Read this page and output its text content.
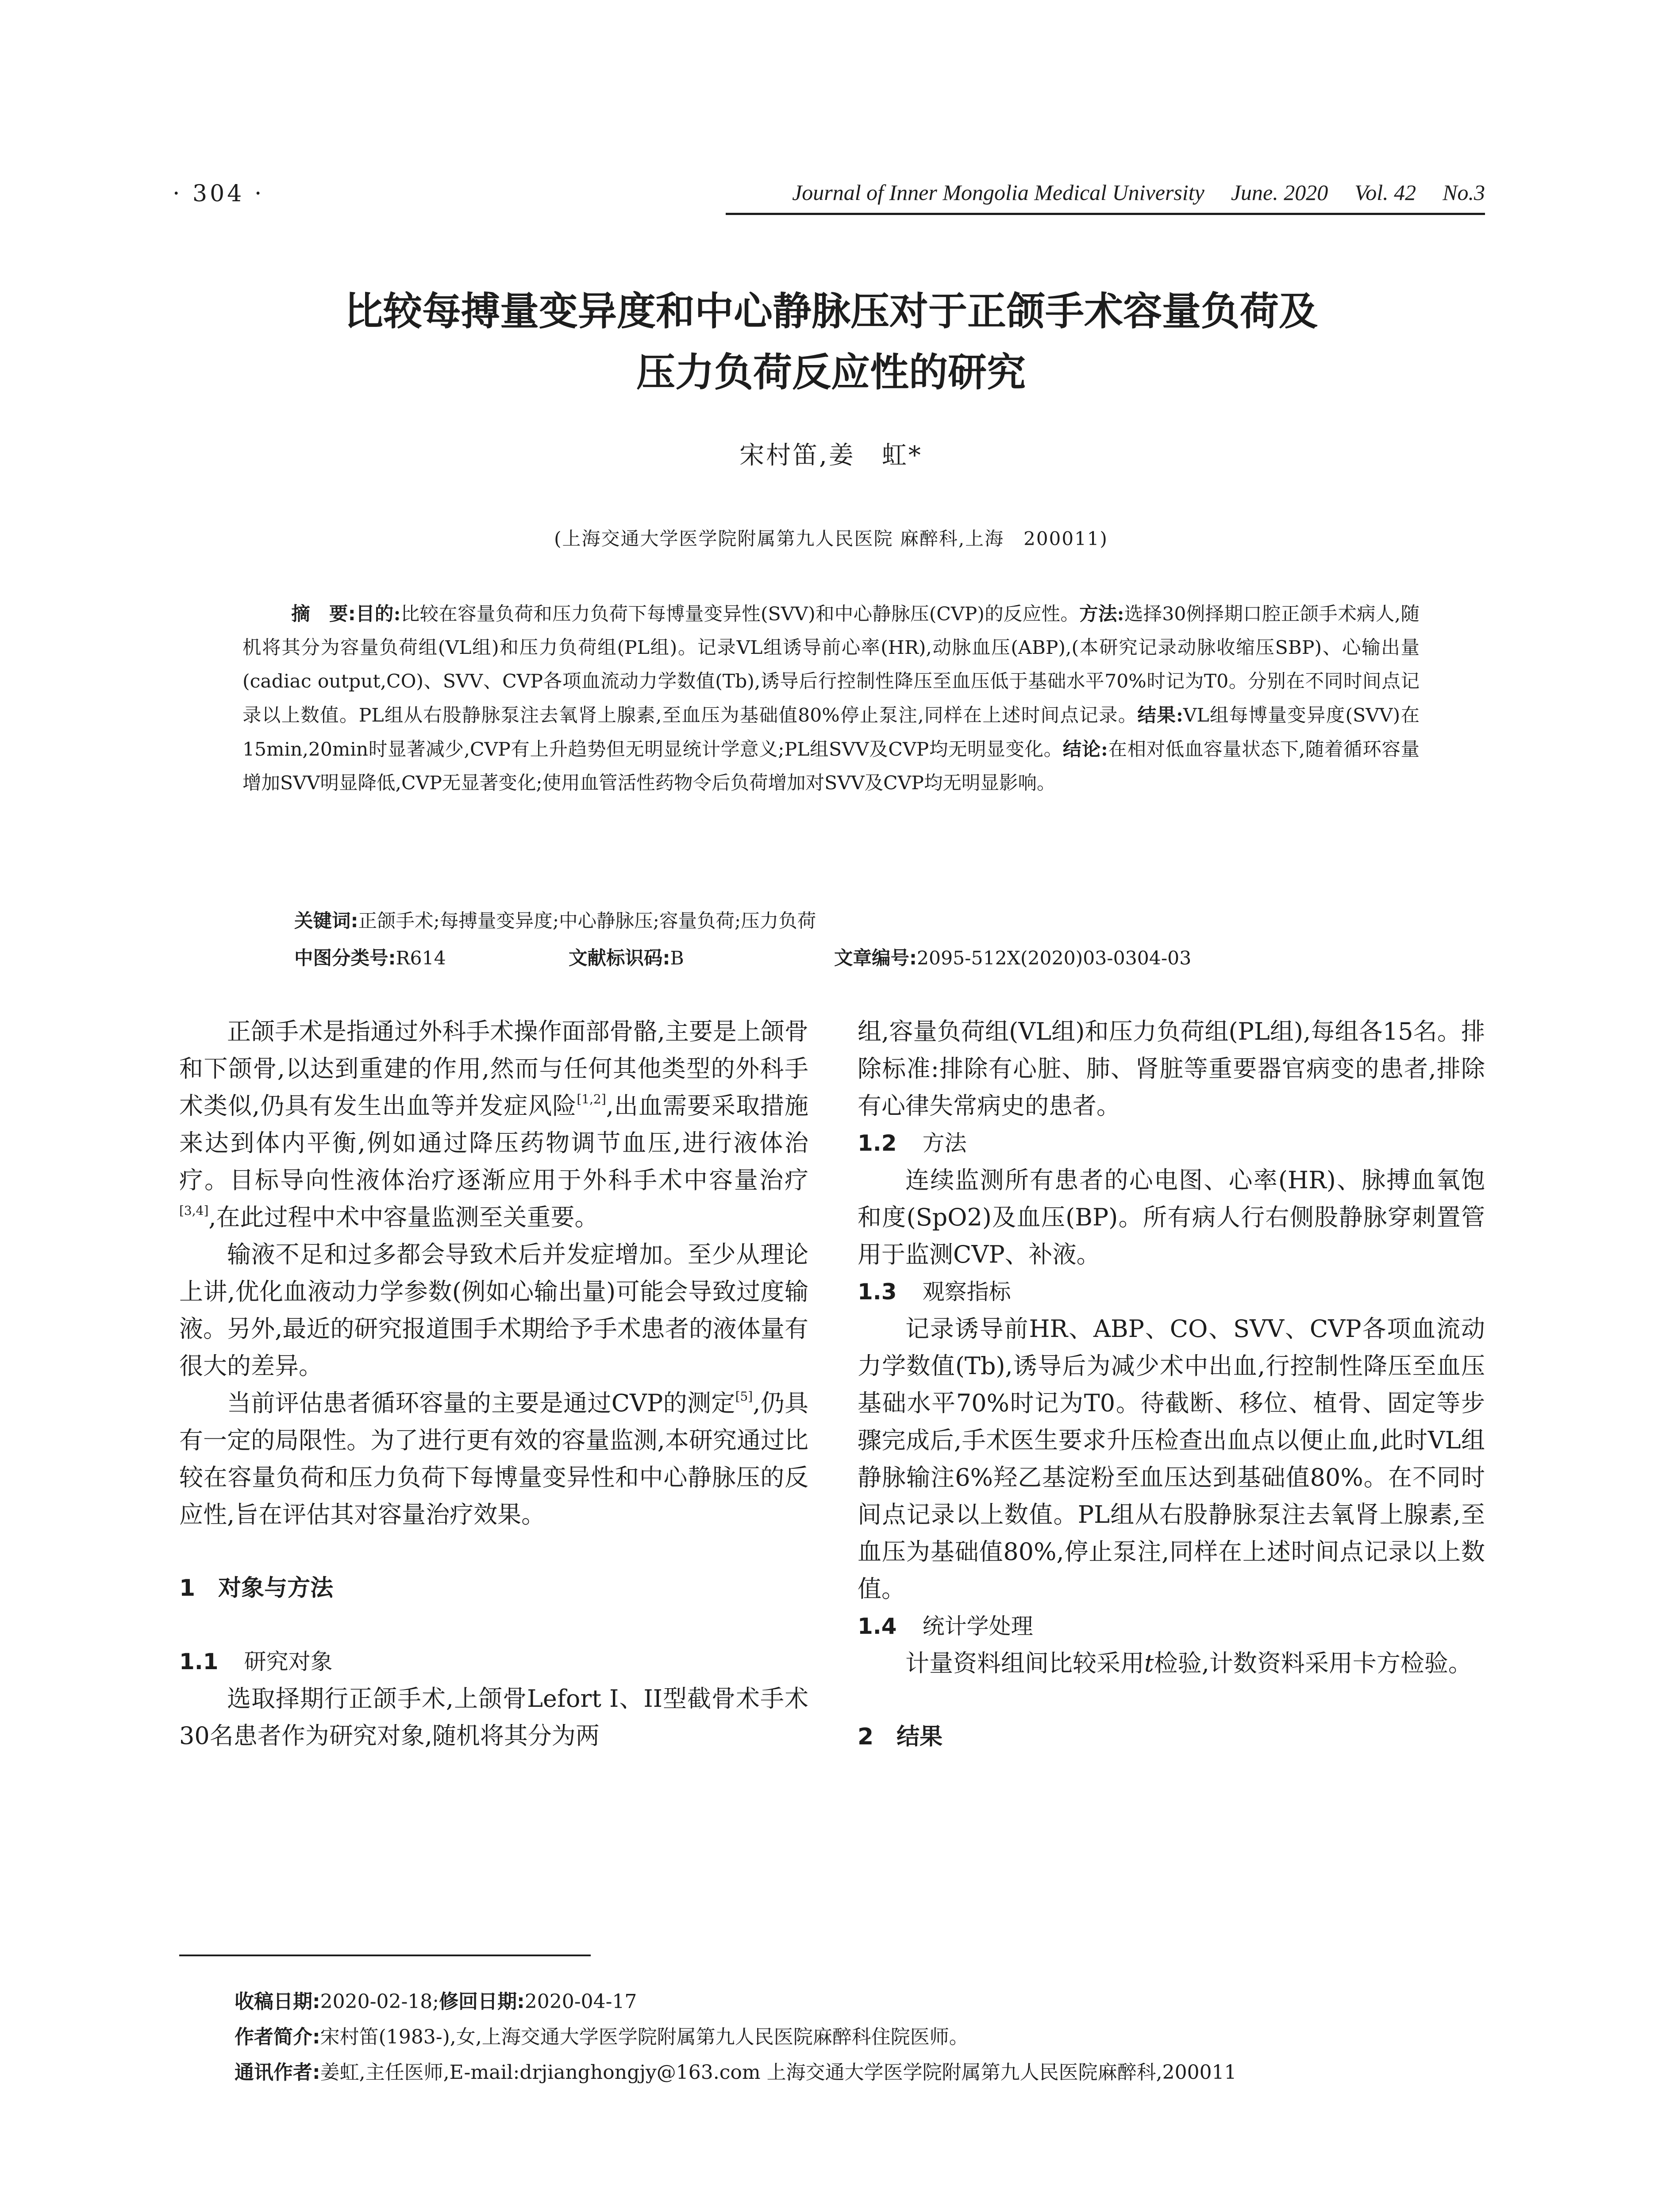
· 304 ·	Journal of Inner Mongolia Medical University June. 2020 Vol. 42 No.3
比较每搏量变异度和中心静脉压对于正颌手术容量负荷及
压力负荷反应性的研究
宋村笛,姜　虹*
(上海交通大学医学院附属第九人民医院 麻醉科,上海　200011)
摘　要:目的:比较在容量负荷和压力负荷下每博量变异性(SVV)和中心静脉压(CVP)的反应性。方法:选择30例择期口腔正颌手术病人,随机将其分为容量负荷组(VL组)和压力负荷组(PL组)。记录VL组诱导前心率(HR),动脉血压(ABP),(本研究记录动脉收缩压SBP)、心输出量(cadiac output,CO)、SVV、CVP各项血流动力学数值(Tb),诱导后行控制性降压至血压低于基础水平70%时记为T0。分别在不同时间点记录以上数值。PL组从右股静脉泵注去氧肾上腺素,至血压为基础值80%停止泵注,同样在上述时间点记录。结果:VL组每博量变异度(SVV)在15min,20min时显著减少,CVP有上升趋势但无明显统计学意义;PL组SVV及CVP均无明显变化。结论:在相对低血容量状态下,随着循环容量增加SVV明显降低,CVP无显著变化;使用血管活性药物令后负荷增加对SVV及CVP均无明显影响。
关键词:正颌手术;每搏量变异度;中心静脉压;容量负荷;压力负荷
中图分类号:R614	文献标识码:B	文章编号:2095-512X(2020)03-0304-03

正颌手术是指通过外科手术操作面部骨骼,主要是上颌骨和下颌骨,以达到重建的作用,然而与任何其他类型的外科手术类似,仍具有发生出血等并发症风险[1,2],出血需要采取措施来达到体内平衡,例如通过降压药物调节血压,进行液体治疗。目标导向性液体治疗逐渐应用于外科手术中容量治疗[3,4],在此过程中术中容量监测至关重要。

输液不足和过多都会导致术后并发症增加。至少从理论上讲,优化血液动力学参数(例如心输出量)可能会导致过度输液。另外,最近的研究报道围手术期给予手术患者的液体量有很大的差异。

当前评估患者循环容量的主要是通过CVP的测定[5],仍具有一定的局限性。为了进行更有效的容量监测,本研究通过比较在容量负荷和压力负荷下每博量变异性和中心静脉压的反应性,旨在评估其对容量治疗效果。

1　对象与方法

1.1 研究对象

选取择期行正颌手术,上颌骨Lefort I、II型截骨术手术30名患者作为研究对象,随机将其分为两

组,容量负荷组(VL组)和压力负荷组(PL组),每组各15名。排除标准:排除有心脏、肺、肾脏等重要器官病变的患者,排除有心律失常病史的患者。

1.2 方法

连续监测所有患者的心电图、心率(HR)、脉搏血氧饱和度(SpO2)及血压(BP)。所有病人行右侧股静脉穿刺置管用于监测CVP、补液。

1.3 观察指标

记录诱导前HR、ABP、CO、SVV、CVP各项血流动力学数值(Tb),诱导后为减少术中出血,行控制性降压至血压基础水平70%时记为T0。待截断、移位、植骨、固定等步骤完成后,手术医生要求升压检查出血点以便止血,此时VL组静脉输注6%羟乙基淀粉至血压达到基础值80%。在不同时间点记录以上数值。PL组从右股静脉泵注去氧肾上腺素,至血压为基础值80%,停止泵注,同样在上述时间点记录以上数值。

1.4 统计学处理

计量资料组间比较采用t检验,计数资料采用卡方检验。

2　结果
收稿日期:2020-02-18;修回日期:2020-04-17
作者简介:宋村笛(1983-),女,上海交通大学医学院附属第九人民医院麻醉科住院医师。
通讯作者:姜虹,主任医师,E-mail:drjianghongjy@163.com 上海交通大学医学院附属第九人民医院麻醉科,200011
